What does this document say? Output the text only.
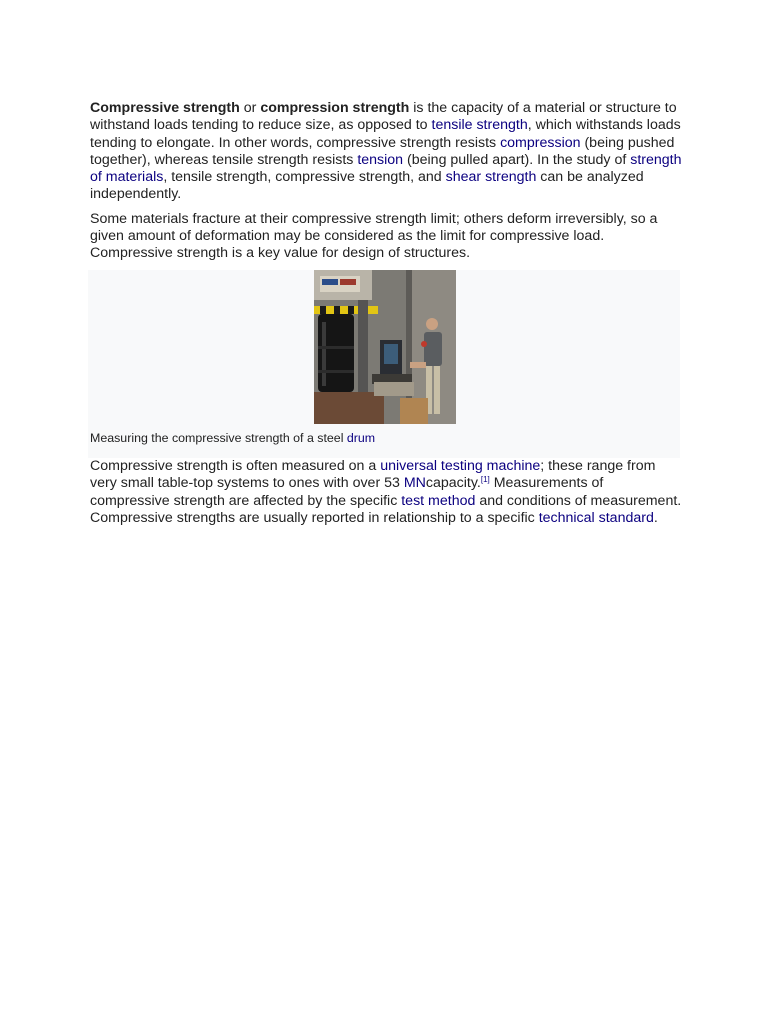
Compressive strength or compression strength is the capacity of a material or structure to withstand loads tending to reduce size, as opposed to tensile strength, which withstands loads tending to elongate. In other words, compressive strength resists compression (being pushed together), whereas tensile strength resists tension (being pulled apart). In the study of strength of materials, tensile strength, compressive strength, and shear strength can be analyzed independently.

Some materials fracture at their compressive strength limit; others deform irreversibly, so a given amount of deformation may be considered as the limit for compressive load. Compressive strength is a key value for design of structures.

Measuring the compressive strength of a steel drum

Compressive strength is often measured on a universal testing machine; these range from very small table-top systems to ones with over 53 MNcapacity.[1] Measurements of compressive strength are affected by the specific test method and conditions of measurement. Compressive strengths are usually reported in relationship to a specific technical standard.
